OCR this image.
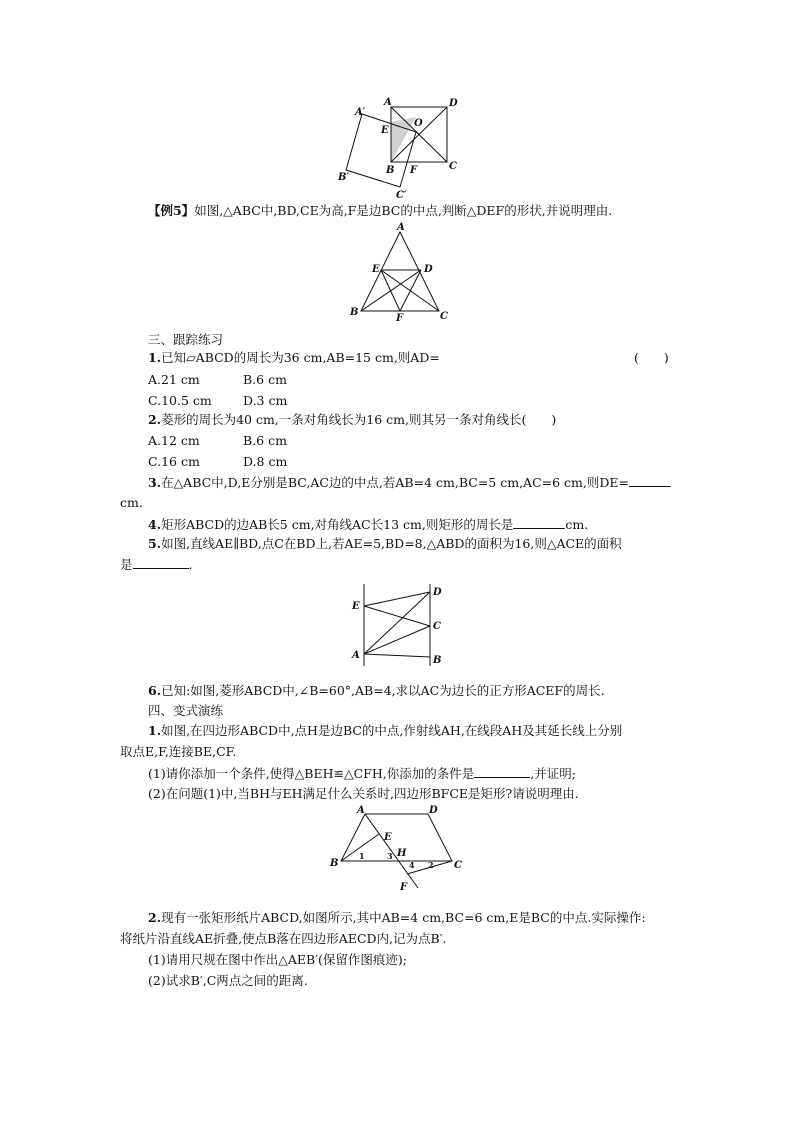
A	D
A′
E
O
B	C
F
B′
C′
【例5】如图,△ABC中,BD,CE为高,F是边BC的中点,判断△DEF的形状,并说明理由.
A
E	D
B
F	C
三、跟踪练习
1.已知▱ABCD的周长为36 cm,AB=15 cm,则AD=	(　　)
A.21 cm	B.6 cm
C.10.5 cm D.3 cm
2.菱形的周长为40 cm,一条对角线长为16 cm,则其另一条对角线长(　　)
A.12 cm	B.6 cm
C.16 cm	D.8 cm
3.在△ABC中,D,E分别是BC,AC边的中点,若AB=4 cm,BC=5 cm,AC=6 cm,则DE=
cm.
4.矩形ABCD的边AB长5 cm,对角线AC长13 cm,则矩形的周长是	cm.
5.如图,直线AE∥BD,点C在BD上,若AE=5,BD=8,△ABD的面积为16,则△ACE的面积
是	.
E
D
C
A	B
6.已知:如图,菱形ABCD中,∠B=60°,AB=4,求以AC为边长的正方形ACEF的周长.
四、变式演练
1.如图,在四边形ABCD中,点H是边BC的中点,作射线AH,在线段AH及其延长线上分别
取点E,F,连接BE,CF.
(1)请你添加一个条件,使得△BEH≌△CFH,你添加的条件是	,并证明;
(2)在问题(1)中,当BH与EH满足什么关系时,四边形BFCE是矩形?请说明理由.
A	D
E
H
B	C
F
1
2
3
4
2.现有一张矩形纸片ABCD,如图所示,其中AB=4 cm,BC=6 cm,E是BC的中点.实际操作:
将纸片沿直线AE折叠,使点B落在四边形AECD内,记为点B′.
(1)请用尺规在图中作出△AEB′(保留作图痕迹);
(2)试求B′,C两点之间的距离.
